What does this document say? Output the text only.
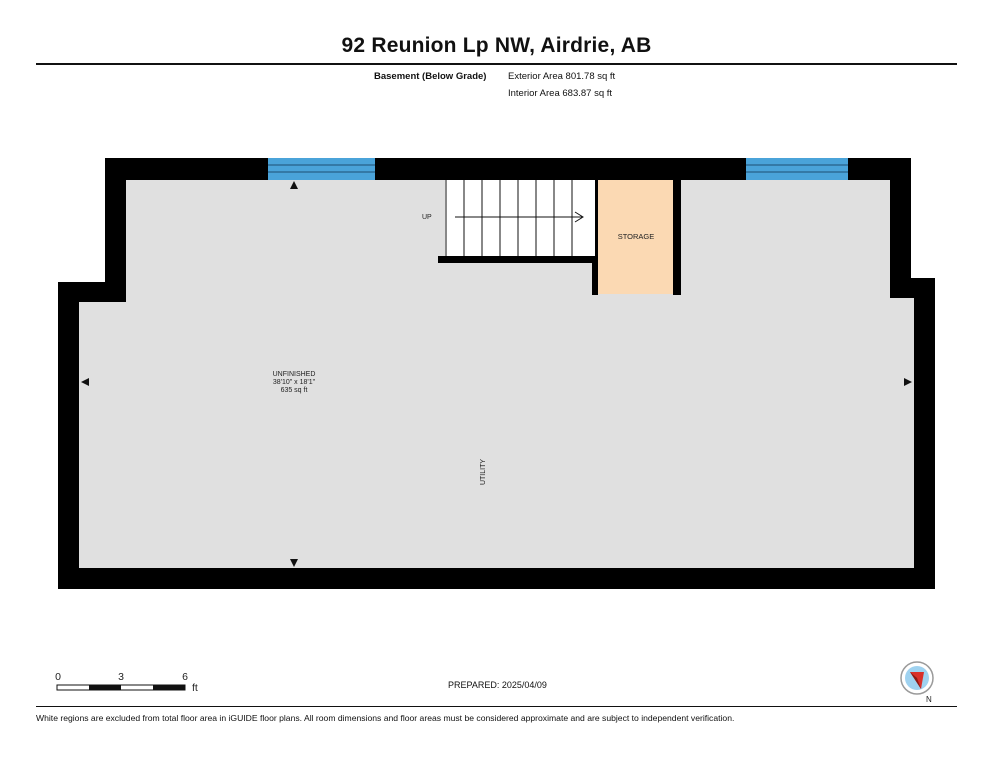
92 Reunion Lp NW, Airdrie, AB
Basement (Below Grade) Exterior Area 801.78 sq ft
Interior Area 683.87 sq ft
UP
STORAGE
UNFINISHED
38'10" x 18'1"
635 sq ft
UTILITY
0	3	6
ft
N
PREPARED: 2025/04/09
White regions are excluded from total floor area in iGUIDE floor plans. All room dimensions and floor areas must be considered approximate and are subject to independent verification.
